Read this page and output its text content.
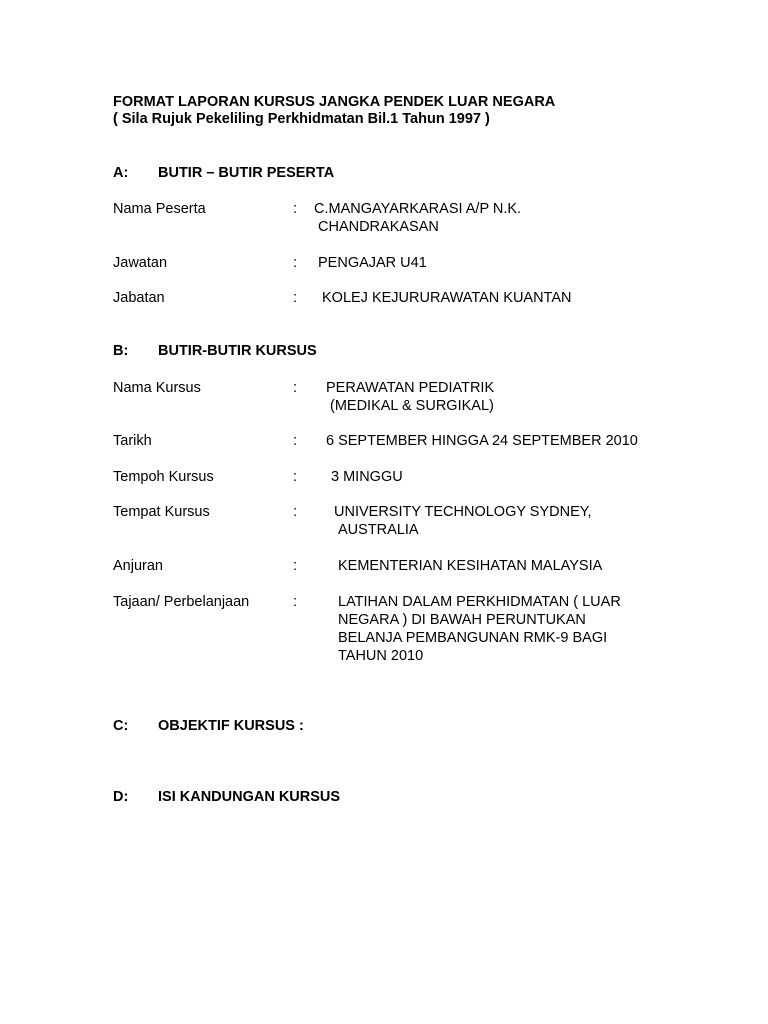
FORMAT LAPORAN KURSUS JANGKA PENDEK LUAR NEGARA
( Sila Rujuk Pekeliling Perkhidmatan Bil.1 Tahun 1997 )
A: BUTIR – BUTIR PESERTA
Nama Peserta	: C.MANGAYARKARASI A/P N.K.
CHANDRAKASAN
Jawatan	: PENGAJAR U41
Jabatan	: KOLEJ KEJURURAWATAN KUANTAN
B: BUTIR-BUTIR KURSUS
Nama Kursus	: PERAWATAN PEDIATRIK
(MEDIKAL & SURGIKAL)
Tarikh	: 6 SEPTEMBER HINGGA 24 SEPTEMBER 2010
Tempoh Kursus	: 3 MINGGU
Tempat Kursus	:	UNIVERSITY TECHNOLOGY SYDNEY,
AUSTRALIA
Anjuran	:	KEMENTERIAN KESIHATAN MALAYSIA
Tajaan/ Perbelanjaan	:	LATIHAN DALAM PERKHIDMATAN ( LUAR
NEGARA ) DI BAWAH PERUNTUKAN
BELANJA PEMBANGUNAN RMK-9 BAGI
TAHUN 2010
C: OBJEKTIF KURSUS :
D: ISI KANDUNGAN KURSUS
